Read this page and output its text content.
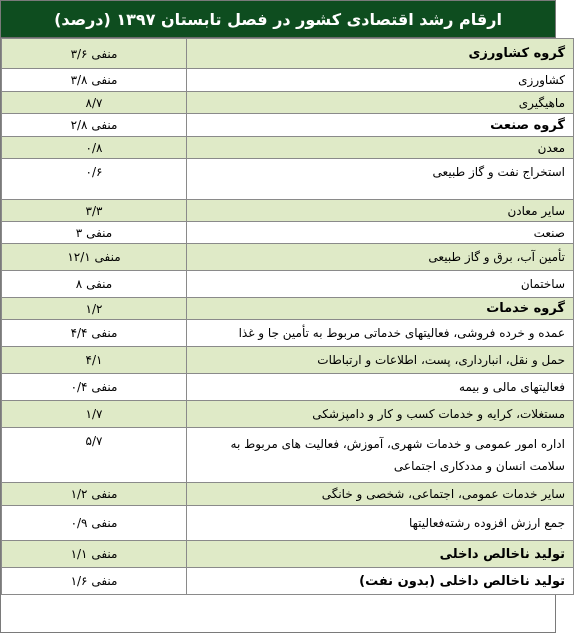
ارقام رشد اقتصادی کشور در فصل تابستان ۱۳۹۷ (درصد)
گروه کشاورزی	منفی ۳/۶
کشاورزی	منفی ۳/۸
ماهیگیری	۸/۷
گروه صنعت	منفی ۲/۸
معدن	۰/۸
استخراج نفت و گاز طبیعی	۰/۶
سایر معادن	۳/۳
صنعت	منفی ۳
تأمین آب، برق و گاز طبیعی	منفی ۱۲/۱
ساختمان	منفی ۸
گروه خدمات	۱/۲
عمده و خرده فروشی، فعالیتهای خدماتی مربوط به تأمین جا و غذا	منفی ۴/۴
حمل و نقل، انبارداری، پست، اطلاعات و ارتباطات	۴/۱
فعالیتهای مالی و بیمه	منفی ۰/۴
مستغلات، کرایه و خدمات کسب و کار و دامپزشکی	۱/۷

اداره امور عمومی و خدمات شهری، آموزش، فعالیت های مربوط به
سلامت انسان و مددکاری اجتماعی	۵/۷
سایر خدمات عمومی، اجتماعی، شخصی و خانگی	منفی ۱/۲
جمع ارزش افزوده رشته‌فعالیتها	منفی ۰/۹
تولید ناخالص داخلی	منفی ۱/۱
تولید ناخالص داخلی (بدون نفت)	منفی ۱/۶
